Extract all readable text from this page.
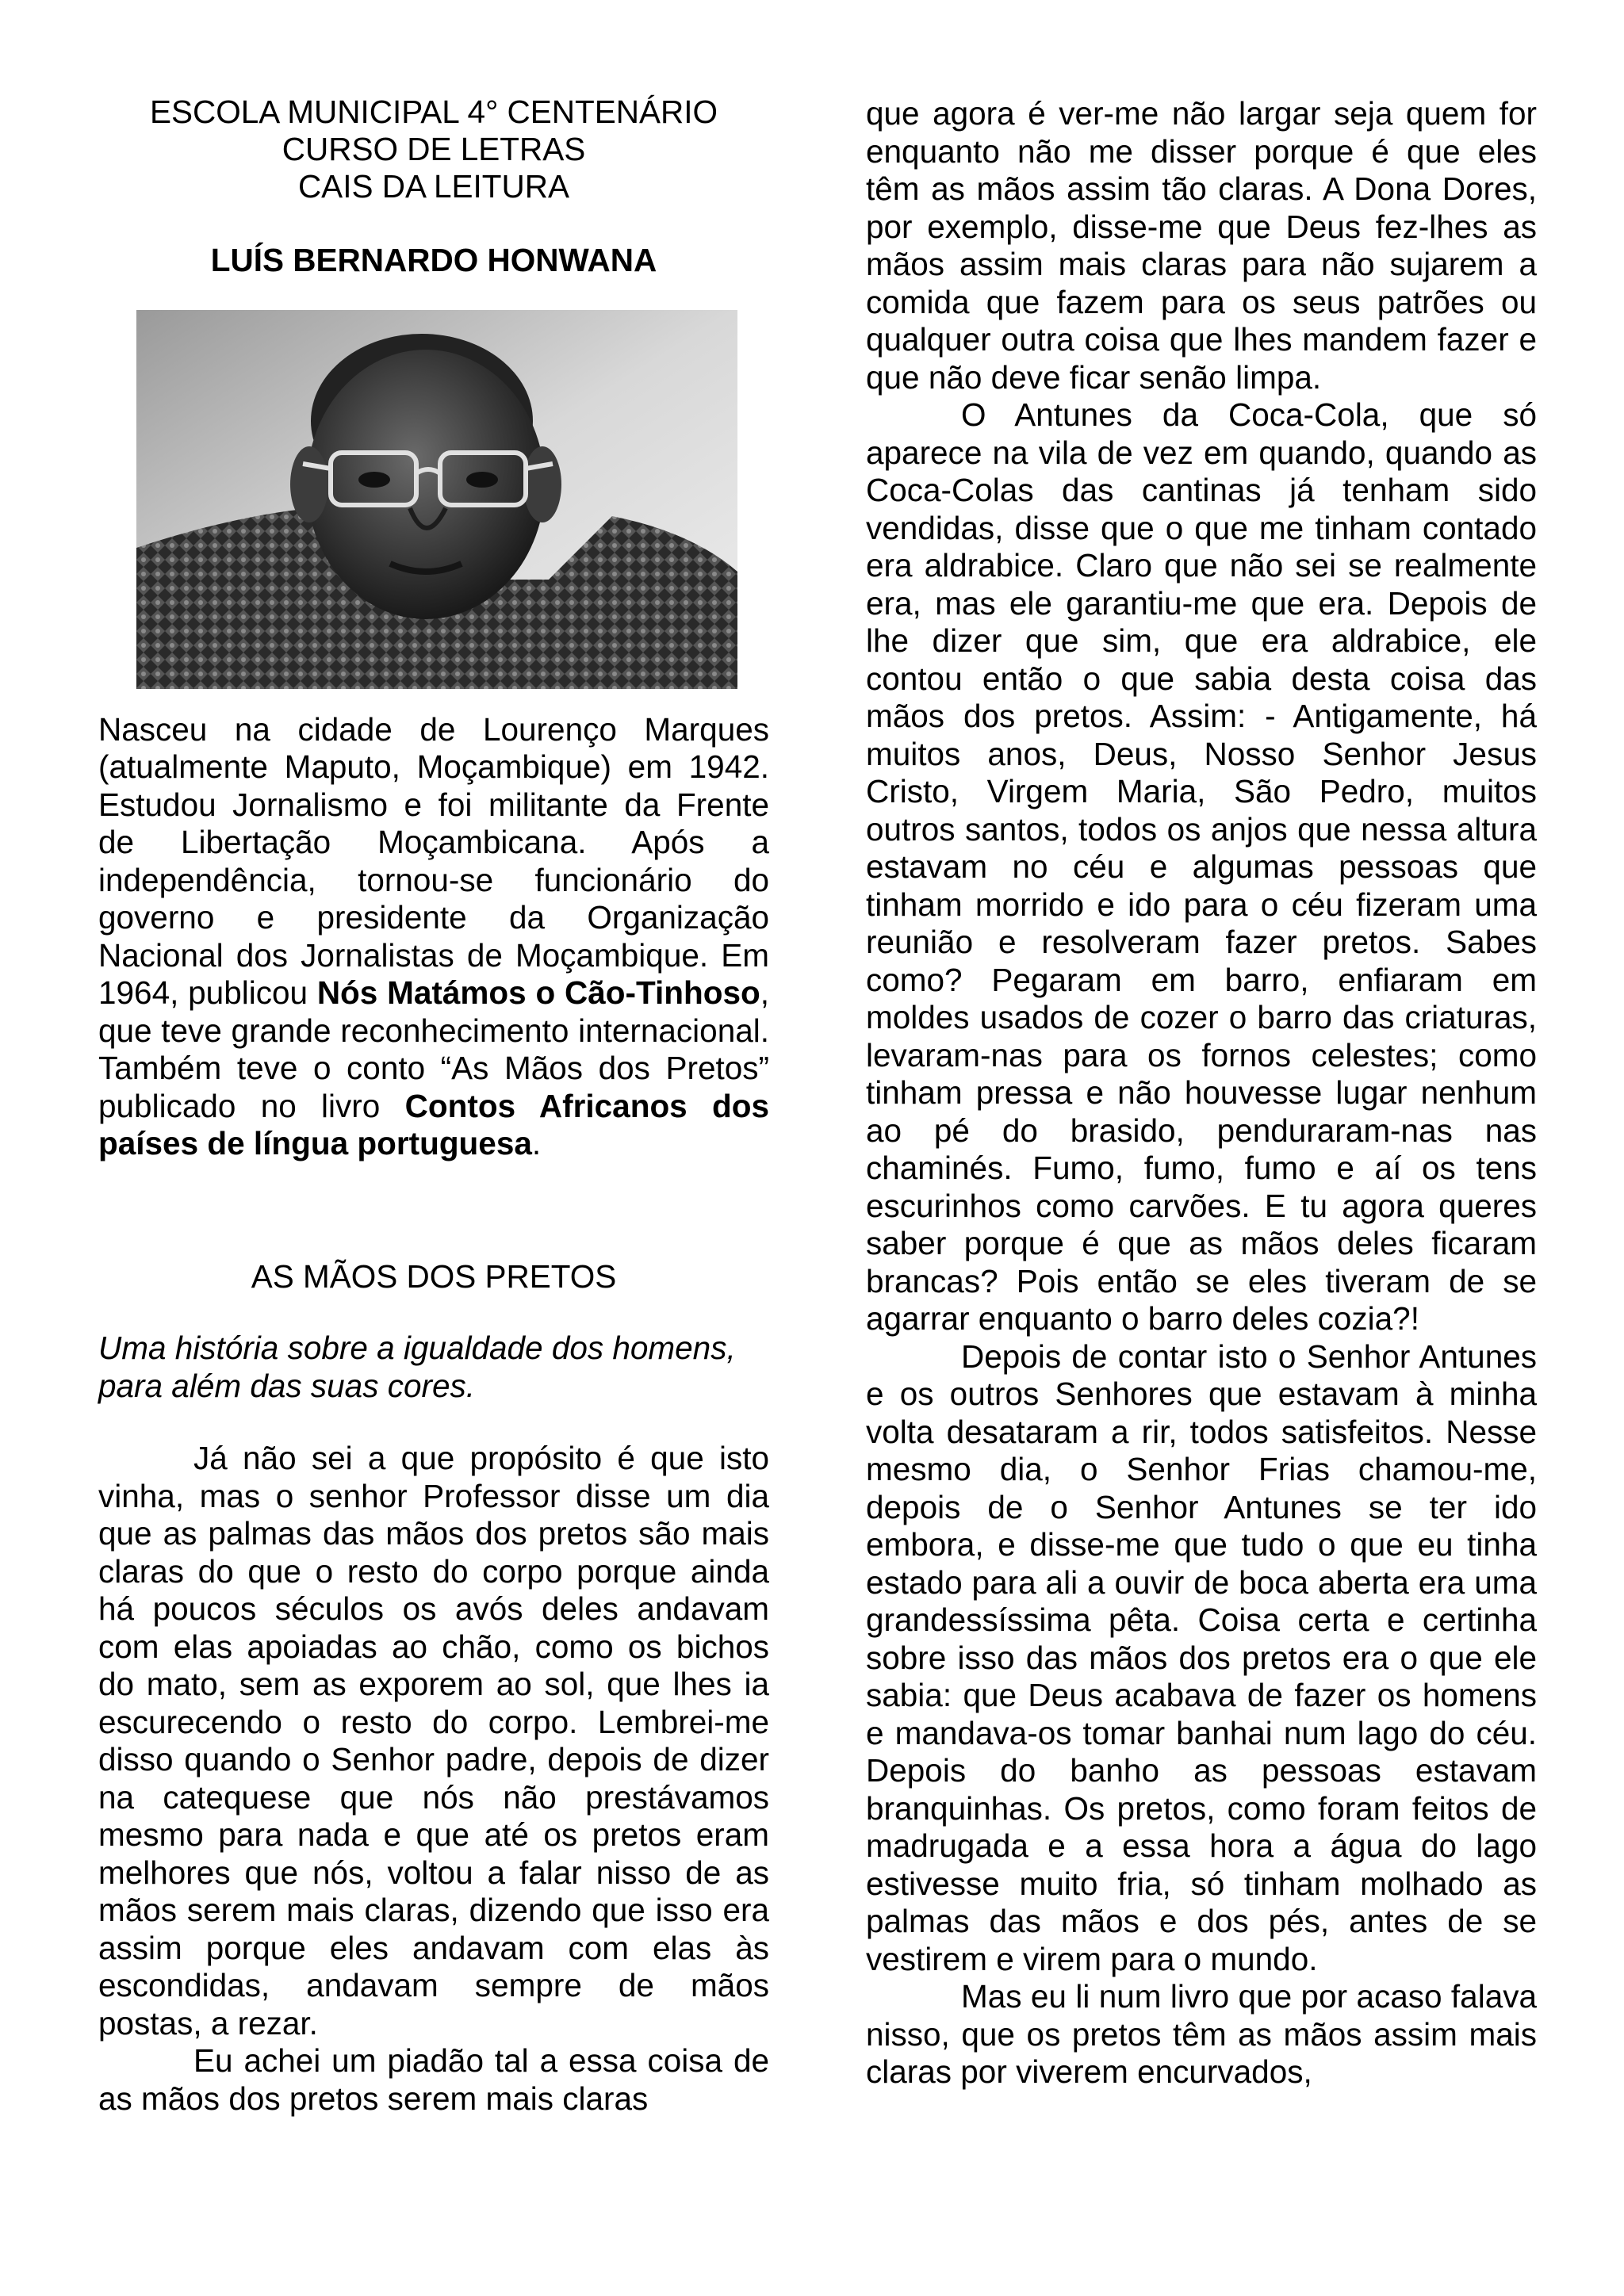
ESCOLA MUNICIPAL 4° CENTENÁRIO
CURSO DE LETRAS
CAIS DA LEITURA
LUÍS BERNARDO HONWANA

Nasceu na cidade de Lourenço Marques (atualmente Maputo, Moçambique) em 1942. Estudou Jornalismo e foi militante da Frente de Libertação Moçambicana. Após a independência, tornou-se funcionário do governo e presidente da Organização Nacional dos Jornalistas de Moçambique. Em 1964, publicou Nós Matámos o Cão-Tinhoso, que teve grande reconhecimento internacional. Também teve o conto “As Mãos dos Pretos” publicado no livro Contos Africanos dos países de língua portuguesa.

AS MÃOS DOS PRETOS

Uma história sobre a igualdade dos homens, para além das suas cores.

Já não sei a que propósito é que isto vinha, mas o senhor Professor disse um dia que as palmas das mãos dos pretos são mais claras do que o resto do corpo porque ainda há poucos séculos os avós deles andavam com elas apoiadas ao chão, como os bichos do mato, sem as exporem ao sol, que lhes ia escurecendo o resto do corpo. Lembrei-me disso quando o Senhor padre, depois de dizer na catequese que nós não prestávamos mesmo para nada e que até os pretos eram melhores que nós, voltou a falar nisso de as mãos serem mais claras, dizendo que isso era assim porque eles andavam com elas às escondidas, andavam sempre de mãos postas, a rezar.

Eu achei um piadão tal a essa coisa de as mãos dos pretos serem mais claras

que agora é ver-me não largar seja quem for enquanto não me disser porque é que eles têm as mãos assim tão claras. A Dona Dores, por exemplo, disse-me que Deus fez-lhes as mãos assim mais claras para não sujarem a comida que fazem para os seus patrões ou qualquer outra coisa que lhes mandem fazer e que não deve ficar senão limpa.

O Antunes da Coca-Cola, que só aparece na vila de vez em quando, quando as Coca-Colas das cantinas já tenham sido vendidas, disse que o que me tinham contado era aldrabice. Claro que não sei se realmente era, mas ele garantiu-me que era. Depois de lhe dizer que sim, que era aldrabice, ele contou então o que sabia desta coisa das mãos dos pretos. Assim: - Antigamente, há muitos anos, Deus, Nosso Senhor Jesus Cristo, Virgem Maria, São Pedro, muitos outros santos, todos os anjos que nessa altura estavam no céu e algumas pessoas que tinham morrido e ido para o céu fizeram uma reunião e resolveram fazer pretos. Sabes como? Pegaram em barro, enfiaram em moldes usados de cozer o barro das criaturas, levaram-nas para os fornos celestes; como tinham pressa e não houvesse lugar nenhum ao pé do brasido, penduraram-nas nas chaminés. Fumo, fumo, fumo e aí os tens escurinhos como carvões. E tu agora queres saber porque é que as mãos deles ficaram brancas? Pois então se eles tiveram de se agarrar enquanto o barro deles cozia?!

Depois de contar isto o Senhor Antunes e os outros Senhores que estavam à minha volta desataram a rir, todos satisfeitos. Nesse mesmo dia, o Senhor Frias chamou-me, depois de o Senhor Antunes se ter ido embora, e disse-me que tudo o que eu tinha estado para ali a ouvir de boca aberta era uma grandessíssima pêta. Coisa certa e certinha sobre isso das mãos dos pretos era o que ele sabia: que Deus acabava de fazer os homens e mandava-os tomar banhai num lago do céu. Depois do banho as pessoas estavam branquinhas. Os pretos, como foram feitos de madrugada e a essa hora a água do lago estivesse muito fria, só tinham molhado as palmas das mãos e dos pés, antes de se vestirem e virem para o mundo.

Mas eu li num livro que por acaso falava nisso, que os pretos têm as mãos assim mais claras por viverem encurvados,
